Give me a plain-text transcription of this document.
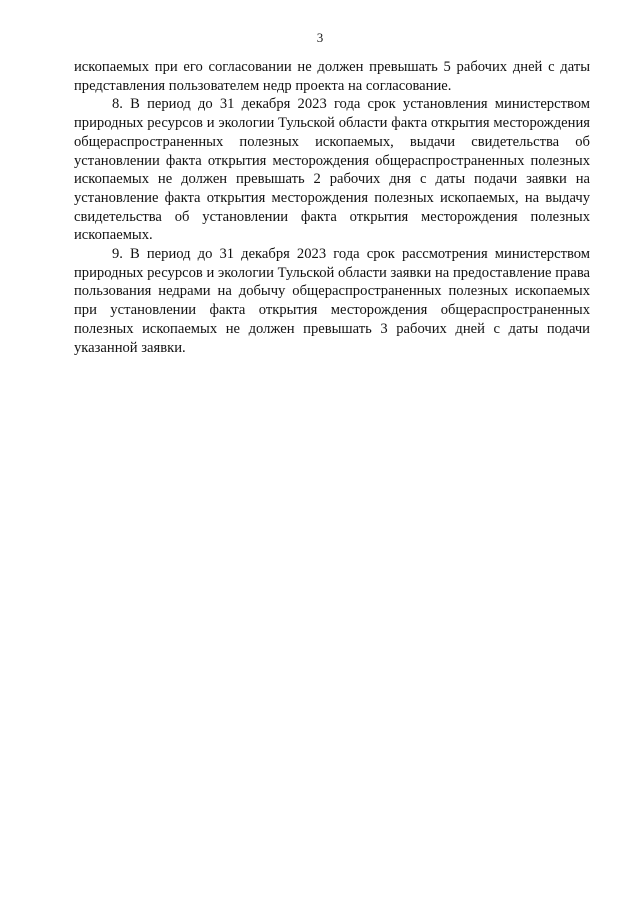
3

ископаемых при его согласовании не должен превышать 5 рабочих дней с даты представления пользователем недр проекта на согласование.

8. В период до 31 декабря 2023 года срок установления министерством природных ресурсов и экологии Тульской области факта открытия месторождения общераспространенных полезных ископаемых, выдачи свидетельства об установлении факта открытия месторождения общераспространенных полезных ископаемых не должен превышать 2 рабочих дня с даты подачи заявки на установление факта открытия месторождения полезных ископаемых, на выдачу свидетельства об установлении факта открытия месторождения полезных ископаемых.

9. В период до 31 декабря 2023 года срок рассмотрения министерством природных ресурсов и экологии Тульской области заявки на предоставление права пользования недрами на добычу общераспространенных полезных ископаемых при установлении факта открытия месторождения общераспространенных полезных ископаемых не должен превышать 3 рабочих дней с даты подачи указанной заявки.
